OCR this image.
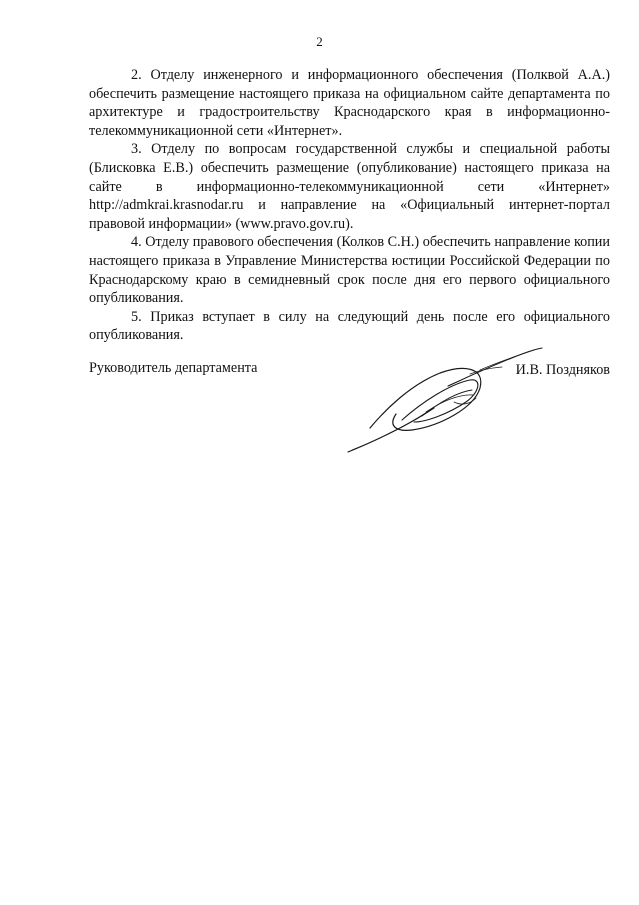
2

2. Отделу инженерного и информационного обеспечения (Полквой А.А.) обеспечить размещение настоящего приказа на официальном сайте департамента по архитектуре и градостроительству Краснодарского края в информационно-телекоммуникационной сети «Интернет».

3. Отделу по вопросам государственной службы и специальной работы (Блисковка Е.В.) обеспечить размещение (опубликование) настоящего приказа на сайте в информационно-телекоммуникационной сети «Интернет» http://admkrai.krasnodar.ru и направление на «Официальный интернет-портал правовой информации» (www.pravo.gov.ru).

4. Отделу правового обеспечения (Колков С.Н.) обеспечить направление копии настоящего приказа в Управление Министерства юстиции Российской Федерации по Краснодарскому краю в семидневный срок после дня его первого официального опубликования.

5. Приказ вступает в силу на следующий день после его официального опубликования.

Руководитель департамента	И.В. Поздняков
